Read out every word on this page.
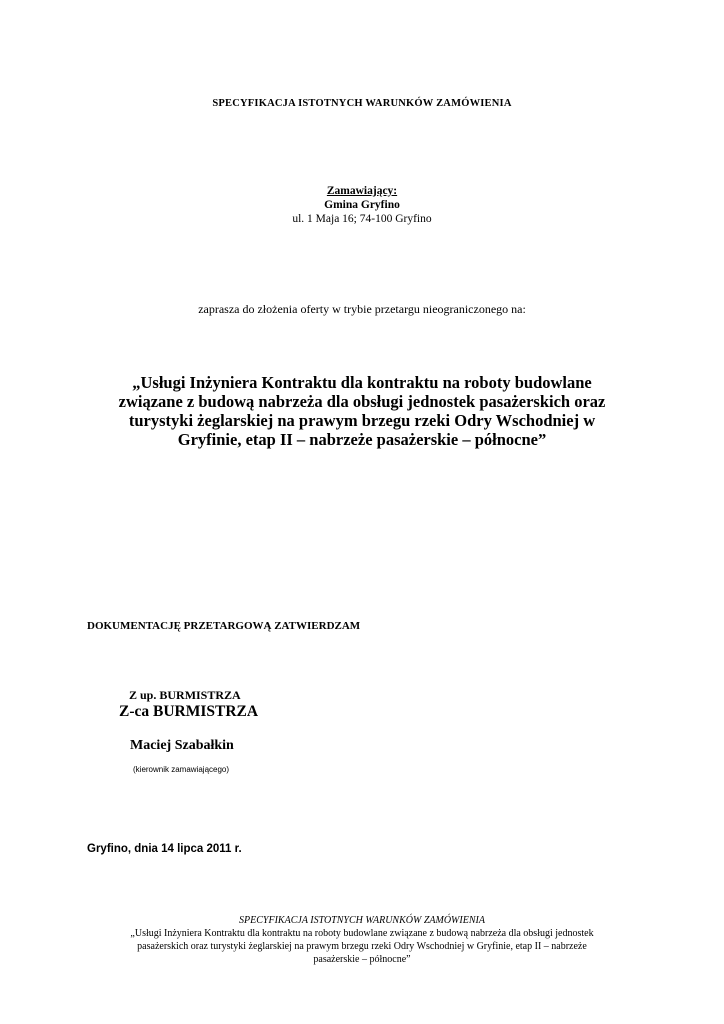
SPECYFIKACJA ISTOTNYCH WARUNKÓW ZAMÓWIENIA
Zamawiający:
Gmina Gryfino
ul. 1 Maja 16; 74-100 Gryfino
zaprasza do złożenia oferty w trybie przetargu nieograniczonego na:
„Usługi Inżyniera Kontraktu dla kontraktu na roboty budowlane
związane z budową nabrzeża dla obsługi jednostek pasażerskich oraz
turystyki żeglarskiej na prawym brzegu rzeki Odry Wschodniej w
Gryfinie, etap II – nabrzeże pasażerskie – północne”
DOKUMENTACJĘ PRZETARGOWĄ ZATWIERDZAM
Z up. BURMISTRZA
Z-ca BURMISTRZA
Maciej Szabałkin
(kierownik zamawiającego)
Gryfino, dnia 14 lipca 2011 r.
SPECYFIKACJA ISTOTNYCH WARUNKÓW ZAMÓWIENIA
„Usługi Inżyniera Kontraktu dla kontraktu na roboty budowlane związane z budową nabrzeża dla obsługi jednostek
pasażerskich oraz turystyki żeglarskiej na prawym brzegu rzeki Odry Wschodniej w Gryfinie, etap II – nabrzeże
pasażerskie – północne”
